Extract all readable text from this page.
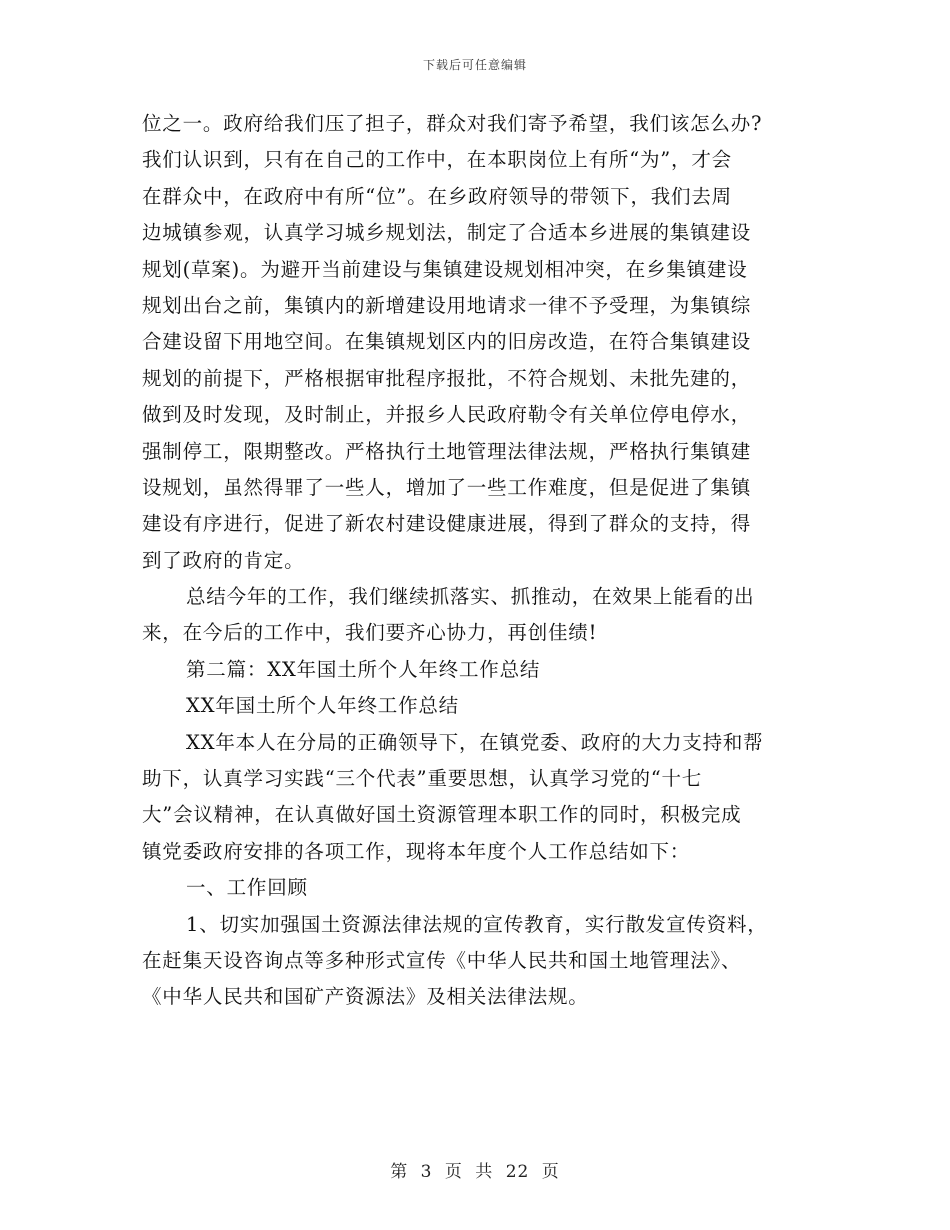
下载后可任意编辑
位之一。政府给我们压了担子，群众对我们寄予希望，我们该怎么办?
我们认识到，只有在自己的工作中，在本职岗位上有所“为”，才会
在群众中，在政府中有所“位”。在乡政府领导的带领下，我们去周
边城镇参观，认真学习城乡规划法，制定了合适本乡进展的集镇建设
规划(草案)。为避开当前建设与集镇建设规划相冲突，在乡集镇建设
规划出台之前，集镇内的新增建设用地请求一律不予受理，为集镇综
合建设留下用地空间。在集镇规划区内的旧房改造，在符合集镇建设
规划的前提下，严格根据审批程序报批，不符合规划、未批先建的，
做到及时发现，及时制止，并报乡人民政府勒令有关单位停电停水，
强制停工，限期整改。严格执行土地管理法律法规，严格执行集镇建
设规划，虽然得罪了一些人，增加了一些工作难度，但是促进了集镇
建设有序进行，促进了新农村建设健康进展，得到了群众的支持，得
到了政府的肯定。
总结今年的工作，我们继续抓落实、抓推动，在效果上能看的出
来，在今后的工作中，我们要齐心协力，再创佳绩!
第二篇：XX年国土所个人年终工作总结
XX年国土所个人年终工作总结
XX年本人在分局的正确领导下，在镇党委、政府的大力支持和帮
助下，认真学习实践“三个代表”重要思想，认真学习党的“十七
大”会议精神，在认真做好国土资源管理本职工作的同时，积极完成
镇党委政府安排的各项工作，现将本年度个人工作总结如下：
一、工作回顾
1、切实加强国土资源法律法规的宣传教育，实行散发宣传资料，
在赶集天设咨询点等多种形式宣传《中华人民共和国土地管理法》、
《中华人民共和国矿产资源法》及相关法律法规。
第 3 页 共 22 页
